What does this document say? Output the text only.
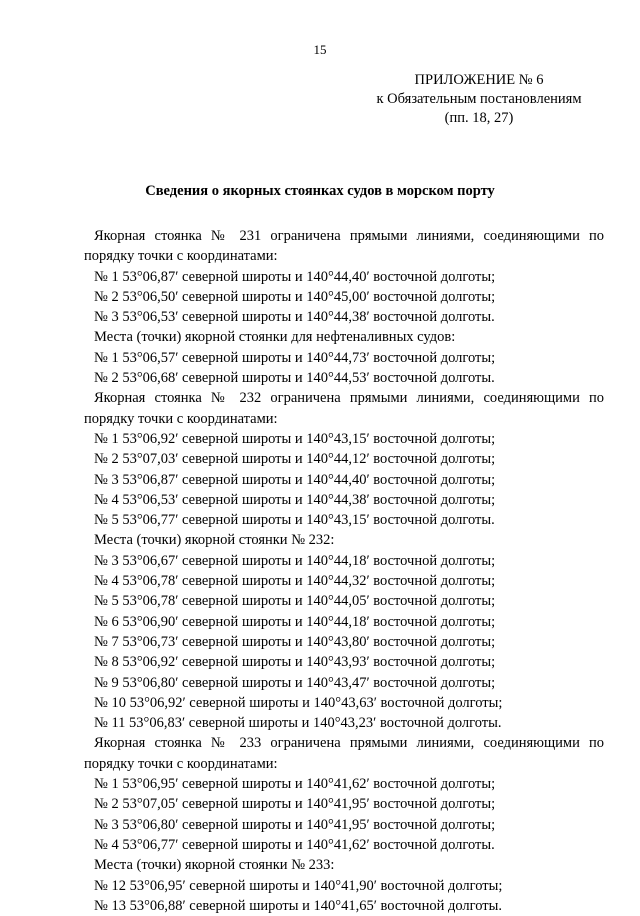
15
ПРИЛОЖЕНИЕ № 6
к Обязательным постановлениям
(пп. 18, 27)
Сведения о якорных стоянках судов в морском порту
Якорная стоянка № 231 ограничена прямыми линиями, соединяющими по
порядку точки с координатами:
№ 1 53°06,87′ северной широты и 140°44,40′ восточной долготы;
№ 2 53°06,50′ северной широты и 140°45,00′ восточной долготы;
№ 3 53°06,53′ северной широты и 140°44,38′ восточной долготы.
Места (точки) якорной стоянки для нефтеналивных судов:
№ 1 53°06,57′ северной широты и 140°44,73′ восточной долготы;
№ 2 53°06,68′ северной широты и 140°44,53′ восточной долготы.
Якорная стоянка № 232 ограничена прямыми линиями, соединяющими по
порядку точки с координатами:
№ 1 53°06,92′ северной широты и 140°43,15′ восточной долготы;
№ 2 53°07,03′ северной широты и 140°44,12′ восточной долготы;
№ 3 53°06,87′ северной широты и 140°44,40′ восточной долготы;
№ 4 53°06,53′ северной широты и 140°44,38′ восточной долготы;
№ 5 53°06,77′ северной широты и 140°43,15′ восточной долготы.
Места (точки) якорной стоянки № 232:
№ 3 53°06,67′ северной широты и 140°44,18′ восточной долготы;
№ 4 53°06,78′ северной широты и 140°44,32′ восточной долготы;
№ 5 53°06,78′ северной широты и 140°44,05′ восточной долготы;
№ 6 53°06,90′ северной широты и 140°44,18′ восточной долготы;
№ 7 53°06,73′ северной широты и 140°43,80′ восточной долготы;
№ 8 53°06,92′ северной широты и 140°43,93′ восточной долготы;
№ 9 53°06,80′ северной широты и 140°43,47′ восточной долготы;
№ 10 53°06,92′ северной широты и 140°43,63′ восточной долготы;
№ 11 53°06,83′ северной широты и 140°43,23′ восточной долготы.
Якорная стоянка № 233 ограничена прямыми линиями, соединяющими по
порядку точки с координатами:
№ 1 53°06,95′ северной широты и 140°41,62′ восточной долготы;
№ 2 53°07,05′ северной широты и 140°41,95′ восточной долготы;
№ 3 53°06,80′ северной широты и 140°41,95′ восточной долготы;
№ 4 53°06,77′ северной широты и 140°41,62′ восточной долготы.
Места (точки) якорной стоянки № 233:
№ 12 53°06,95′ северной широты и 140°41,90′ восточной долготы;
№ 13 53°06,88′ северной широты и 140°41,65′ восточной долготы.
